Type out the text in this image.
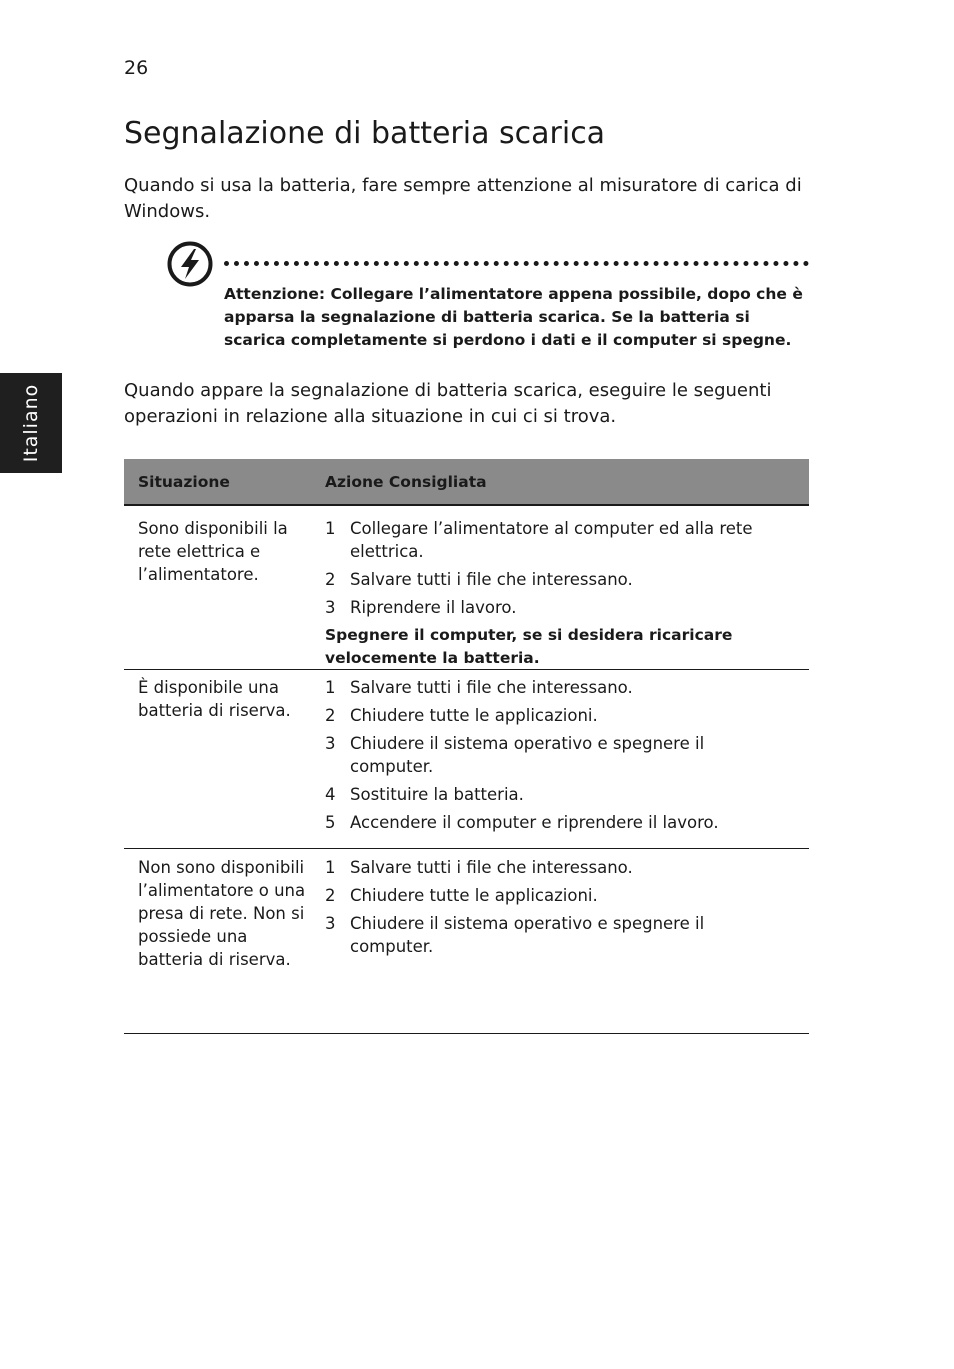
26
Italiano
Segnalazione di batteria scarica

Quando si usa la batteria, fare sempre attenzione al misuratore di carica di Windows.

Attenzione: Collegare l’alimentatore appena possibile, dopo che è apparsa la segnalazione di batteria scarica. Se la batteria si scarica completamente si perdono i dati e il computer si spegne.

Quando appare la segnalazione di batteria scarica, eseguire le seguenti operazioni in relazione alla situazione in cui ci si trova.

Situazione	Azione Consigliata
Sono disponibili la rete elettrica e l’alimentatore.
1 Collegare l’alimentatore al computer ed alla rete elettrica.
2 Salvare tutti i file che interessano.
3 Riprendere il lavoro.
Spegnere il computer, se si desidera ricaricare velocemente la batteria.
È disponibile una batteria di riserva.
1 Salvare tutti i file che interessano.
2 Chiudere tutte le applicazioni.
3 Chiudere il sistema operativo e spegnere il computer.
4 Sostituire la batteria.
5 Accendere il computer e riprendere il lavoro.
Non sono disponibili l’alimentatore o una presa di rete. Non si possiede una batteria di riserva.
1 Salvare tutti i file che interessano.
2 Chiudere tutte le applicazioni.
3 Chiudere il sistema operativo e spegnere il computer.
